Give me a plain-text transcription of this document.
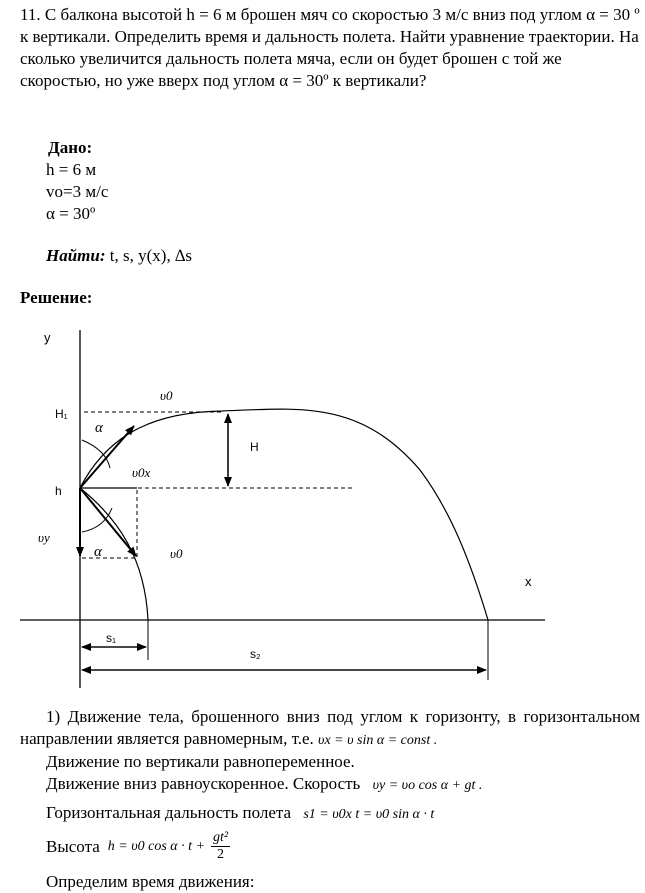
11. С балкона высотой h = 6 м брошен мяч со скоростью 3 м/с вниз под углом α = 30 º к вертикали. Определить время и дальность полета. Найти уравнение траектории. На сколько увеличится дальность полета мяча, если он будет брошен с той же скоростью, но уже вверх под углом α = 30º к вертикали?
Дано:
h = 6 м
vo=3 м/с
α = 30º
Найти: t, s, y(x), ∆s
Решение:
y
x
H₁
h
υ0
υ0x
υy
υ0
α
α
H
s₁
s₂
1) Движение тела, брошенного вниз под углом к горизонту, в горизонтальном направлении является равномерным, т.е. υx = υ sin α = const .
Движение по вертикали равнопеременное.
Движение вниз равноускоренное. Скорость υy = υo cos α + gt .
Горизонтальная дальность полета s1 = υ0x t = υ0 sin α · t
Высота h = υ0 $\cos \alpha \cdot t + \frac{\text{gt²}}{2}$
Определим время движения:
